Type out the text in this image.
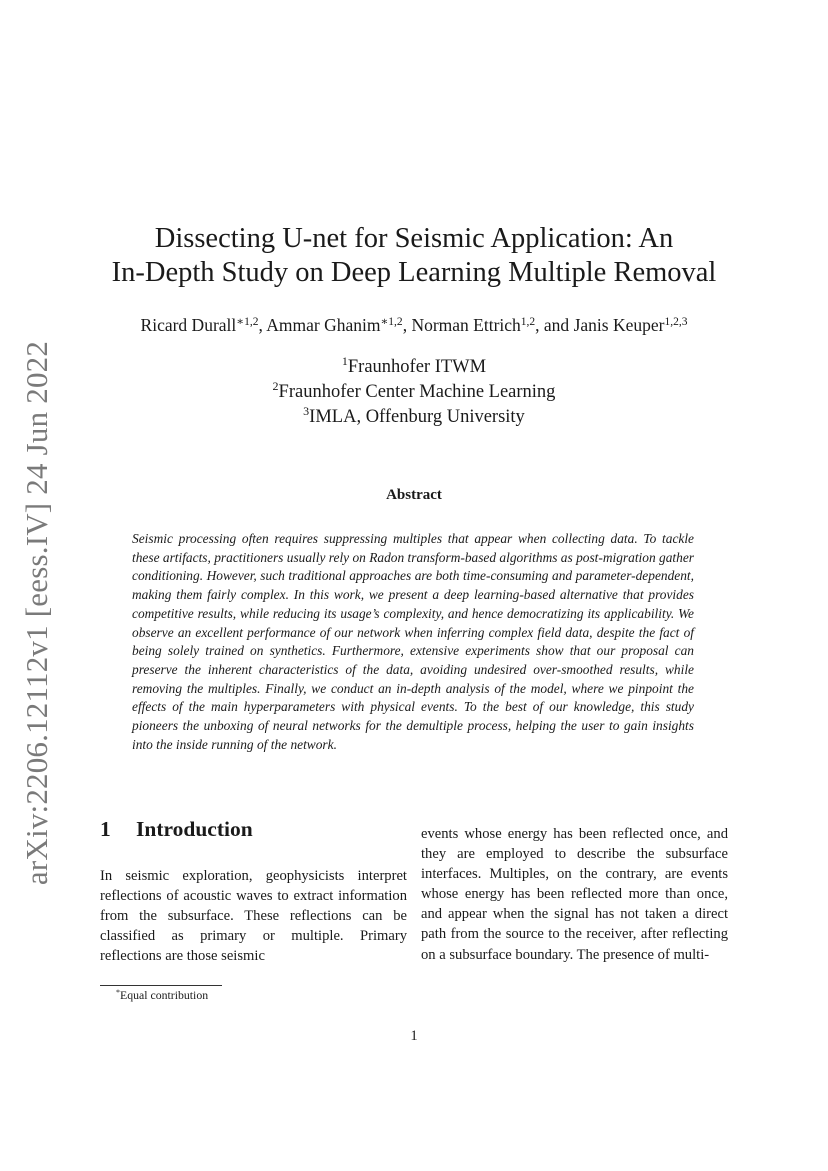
arXiv:2206.12112v1 [eess.IV] 24 Jun 2022
Dissecting U-net for Seismic Application: An
In-Depth Study on Deep Learning Multiple Removal
Ricard Durall$^{∗1,2}$, Ammar Ghanim$^{∗1,2}$, Norman Ettrich$^{1,2}$, and Janis Keuper$^{1,2,3}$
$^1$Fraunhofer ITWM
$^2$Fraunhofer Center Machine Learning
$^3$IMLA, Offenburg University
Abstract

Seismic processing often requires suppressing multiples that appear when collecting data. To tackle these artifacts, practitioners usually rely on Radon transform-based algorithms as post-migration gather conditioning. However, such traditional approaches are both time-consuming and parameter-dependent, making them fairly complex. In this work, we present a deep learning-based alternative that provides competitive results, while reducing its usage’s complexity, and hence democratizing its applicability. We observe an excellent performance of our network when inferring complex field data, despite the fact of being solely trained on synthetics. Furthermore, extensive experiments show that our proposal can preserve the inherent characteristics of the data, avoiding undesired over-smoothed results, while removing the multiples. Finally, we conduct an in-depth analysis of the model, where we pinpoint the effects of the main hyperparameters with physical events. To the best of our knowledge, this study pioneers the unboxing of neural networks for the demultiple process, helping the user to gain insights into the inside running of the network.

1 Introduction

In seismic exploration, geophysicists interpret reflections of acoustic waves to extract information from the subsurface. These reflections can be classified as primary or multiple. Primary reflections are those seismic

events whose energy has been reflected once, and they are employed to describe the subsurface interfaces. Multiples, on the contrary, are events whose energy has been reflected more than once, and appear when the signal has not taken a direct path from the source to the receiver, after reflecting on a subsurface boundary. The presence of multi-

*Equal contribution
1
